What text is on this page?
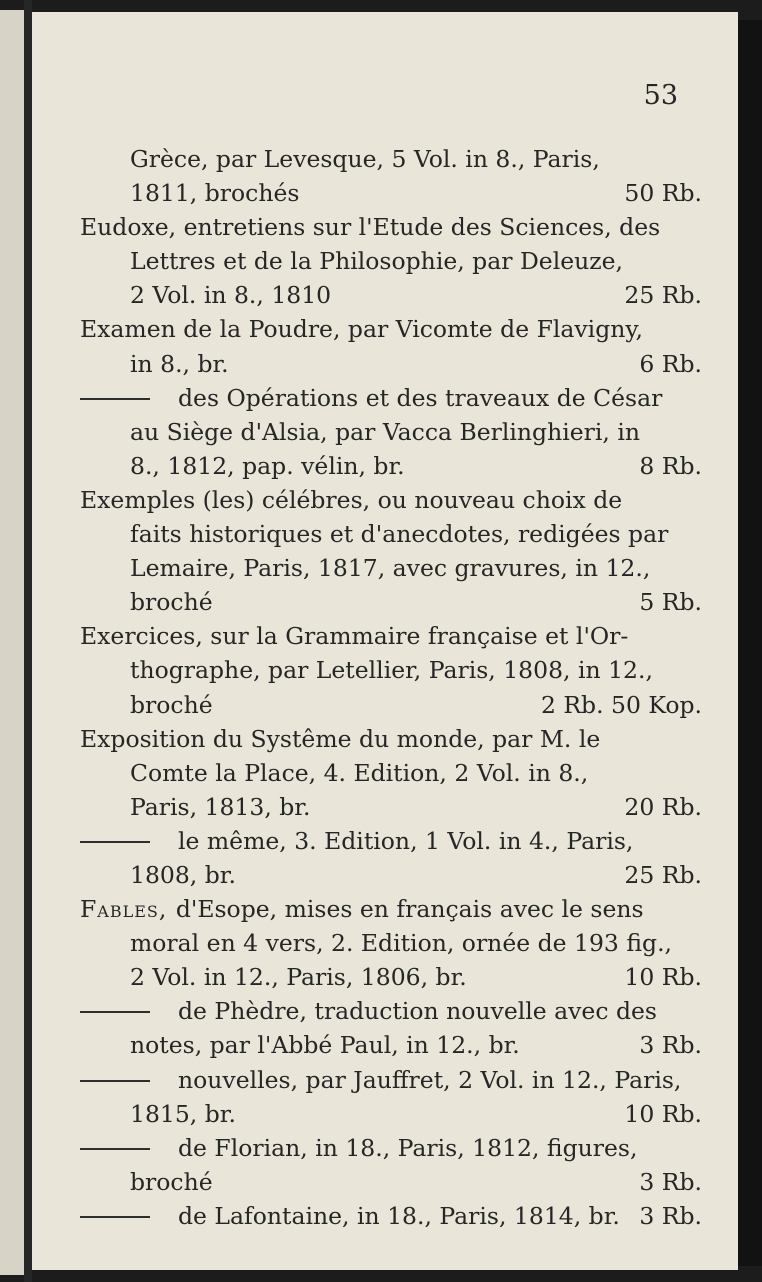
53
Grèce, par Levesque, 5 Vol. in 8., Paris,
1811, brochés	50 Rb.
Eudoxe, entretiens sur l'Etude des Sciences, des
Lettres et de la Philosophie, par Deleuze,
2 Vol. in 8., 1810	25 Rb.
Examen de la Poudre, par Vicomte de Flavigny,
in 8., br.	6 Rb.
des Opérations et des traveaux de César
au Siège d'Alsia, par Vacca Berlinghieri, in
8., 1812, pap. vélin, br.	8 Rb.
Exemples (les) célébres, ou nouveau choix de
faits historiques et d'anecdotes, redigées par
Lemaire, Paris, 1817, avec gravures, in 12.,
broché	5 Rb.
Exercices, sur la Grammaire française et l'Or-
thographe, par Letellier, Paris, 1808, in 12.,
broché	2 Rb. 50 Kop.
Exposition du Systême du monde, par M. le
Comte la Place, 4. Edition, 2 Vol. in 8.,
Paris, 1813, br.	20 Rb.
le même, 3. Edition, 1 Vol. in 4., Paris,
1808, br.	25 Rb.
Fables, d'Esope, mises en français avec le sens
moral en 4 vers, 2. Edition, ornée de 193 fig.,
2 Vol. in 12., Paris, 1806, br.	10 Rb.
de Phèdre, traduction nouvelle avec des
notes, par l'Abbé Paul, in 12., br.	3 Rb.
nouvelles, par Jauffret, 2 Vol. in 12., Paris,
1815, br.	10 Rb.
de Florian, in 18., Paris, 1812, figures,
broché	3 Rb.
de Lafontaine, in 18., Paris, 1814, br. 3 Rb.
